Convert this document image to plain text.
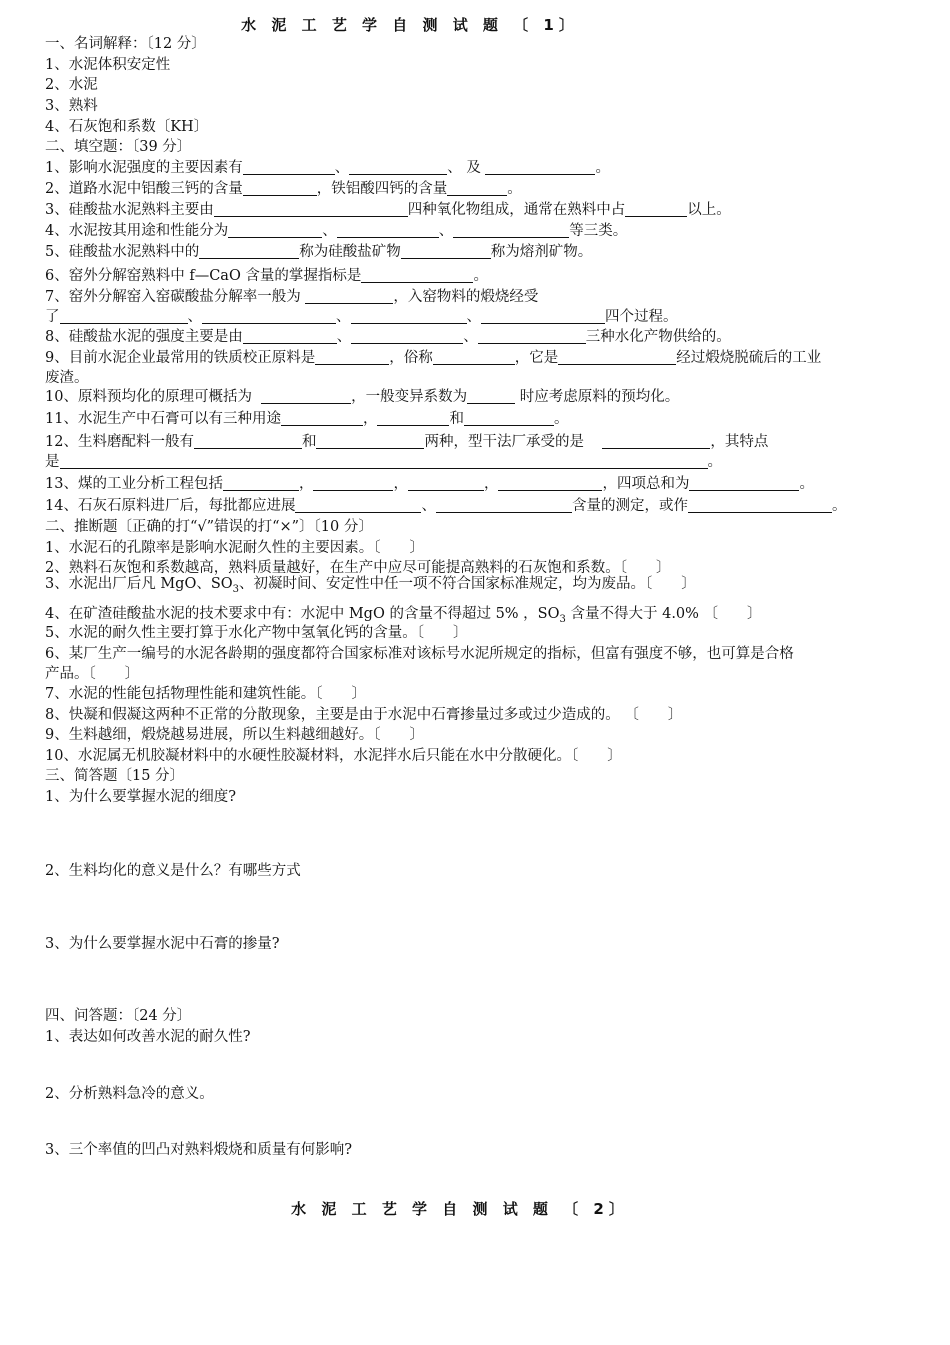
水 泥 工 艺 学 自 测 试 题 〔 1〕
一、名词解释：〔12 分〕
1、水泥体积安定性
2、水泥
3、熟料
4、石灰饱和系数〔KH〕
二、填空题：〔39 分〕
1、影响水泥强度的主要因素有	、	、 及	。
2、道路水泥中铝酸三钙的含量	，铁铝酸四钙的含量	。
3、硅酸盐水泥熟料主要由	四种氧化物组成，通常在熟料中占	以上。
4、水泥按其用途和性能分为	、	、	等三类。
5、硅酸盐水泥熟料中的	称为硅酸盐矿物	称为熔剂矿物。
6、窑外分解窑熟料中 f—CaO 含量的掌握指标是	。
7、窑外分解窑入窑碳酸盐分解率一般为	，入窑物料的煅烧经受
了	、	、	、	四个过程。
8、硅酸盐水泥的强度主要是由	、	、	三种水化产物供给的。
9、目前水泥企业最常用的铁质校正原料是	，俗称	，它是	经过煅烧脱硫后的工业
废渣。
10、原料预均化的原理可概括为	，一般变异系数为	时应考虑原料的预均化。
11、水泥生产中石膏可以有三种用途	，	和	。
12、生料磨配料一般有	和	两种，型干法厂承受的是	，其特点
是	。
13、煤的工业分析工程包括	，	，	，	，四项总和为	。
14、石灰石原料进厂后，每批都应进展	、	含量的测定，或作	。
二、推断题〔正确的打“√”错误的打“×”〕〔10 分〕
1、水泥石的孔隙率是影响水泥耐久性的主要因素。〔　　〕
2、熟料石灰饱和系数越高，熟料质量越好，在生产中应尽可能提高熟料的石灰饱和系数。〔　　〕
3、水泥出厂后凡 MgO、$SO_3$、初凝时间、安定性中任一项不符合国家标准规定，均为废品。〔　　〕
4、在矿渣硅酸盐水泥的技术要求中有：水泥中 MgO 的含量不得超过 5% ，$SO_3$ 含量不得大于 4.0% 〔　　〕
5、水泥的耐久性主要打算于水化产物中氢氧化钙的含量。〔　　〕
6、某厂生产一编号的水泥各龄期的强度都符合国家标准对该标号水泥所规定的指标，但富有强度不够，也可算是合格
产品。〔　　〕
7、水泥的性能包括物理性能和建筑性能。〔　　〕
8、快凝和假凝这两种不正常的分散现象，主要是由于水泥中石膏掺量过多或过少造成的。 〔　　〕
9、生料越细，煅烧越易进展，所以生料越细越好。〔　　〕
10、水泥属无机胶凝材料中的水硬性胶凝材料，水泥拌水后只能在水中分散硬化。〔　　〕
三、简答题〔15 分〕
1、为什么要掌握水泥的细度?
2、生料均化的意义是什么？有哪些方式
3、为什么要掌握水泥中石膏的掺量?
四、问答题：〔24 分〕
1、表达如何改善水泥的耐久性?
2、分析熟料急冷的意义。
3、三个率值的凹凸对熟料煅烧和质量有何影响?
水 泥 工 艺 学 自 测 试 题 〔 2〕
